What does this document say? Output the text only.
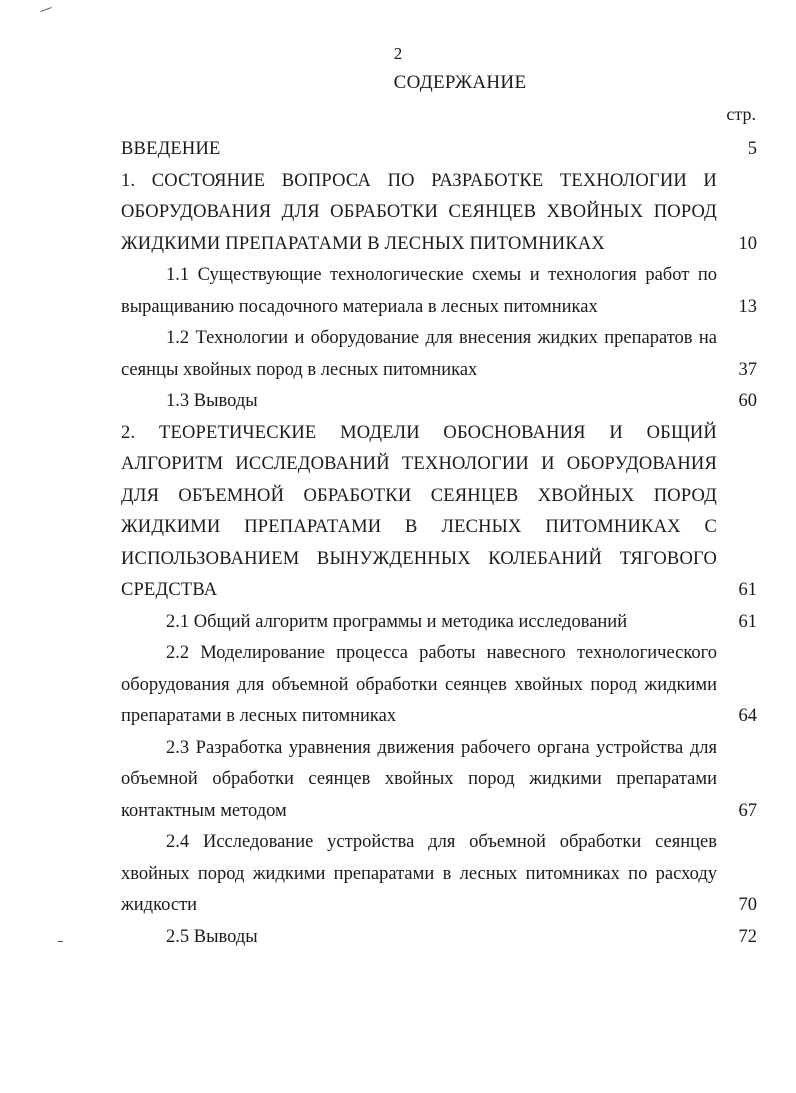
2
СОДЕРЖАНИЕ
стр.
ВВЕДЕНИЕ	5
1. СОСТОЯНИЕ ВОПРОСА ПО РАЗРАБОТКЕ ТЕХНОЛОГИИ И ОБОРУДОВАНИЯ ДЛЯ ОБРАБОТКИ СЕЯНЦЕВ ХВОЙНЫХ ПОРОД ЖИДКИМИ ПРЕПАРАТАМИ В ЛЕСНЫХ ПИТОМНИКАХ	10
1.1 Существующие технологические схемы и технология работ по выращиванию посадочного материала в лесных питомниках	13
1.2 Технологии и оборудование для внесения жидких препаратов на сеянцы хвойных пород в лесных питомниках	37
1.3 Выводы	60
2. ТЕОРЕТИЧЕСКИЕ МОДЕЛИ ОБОСНОВАНИЯ И ОБЩИЙ АЛГОРИТМ ИССЛЕДОВАНИЙ ТЕХНОЛОГИИ И ОБОРУДОВАНИЯ ДЛЯ ОБЪЕМНОЙ ОБРАБОТКИ СЕЯНЦЕВ ХВОЙНЫХ ПОРОД ЖИДКИМИ ПРЕПАРАТАМИ В ЛЕСНЫХ ПИТОМНИКАХ С ИСПОЛЬЗОВАНИЕМ ВЫНУЖДЕННЫХ КОЛЕБАНИЙ ТЯГОВОГО СРЕДСТВА	61
2.1 Общий алгоритм программы и методика исследований	61
2.2 Моделирование процесса работы навесного технологического оборудования для объемной обработки сеянцев хвойных пород жидкими препаратами в лесных питомниках	64
2.3 Разработка уравнения движения рабочего органа устройства для объемной обработки сеянцев хвойных пород жидкими препаратами контактным методом	67
2.4 Исследование устройства для объемной обработки сеянцев хвойных пород жидкими препаратами в лесных питомниках по расходу жидкости	70
2.5 Выводы	72
